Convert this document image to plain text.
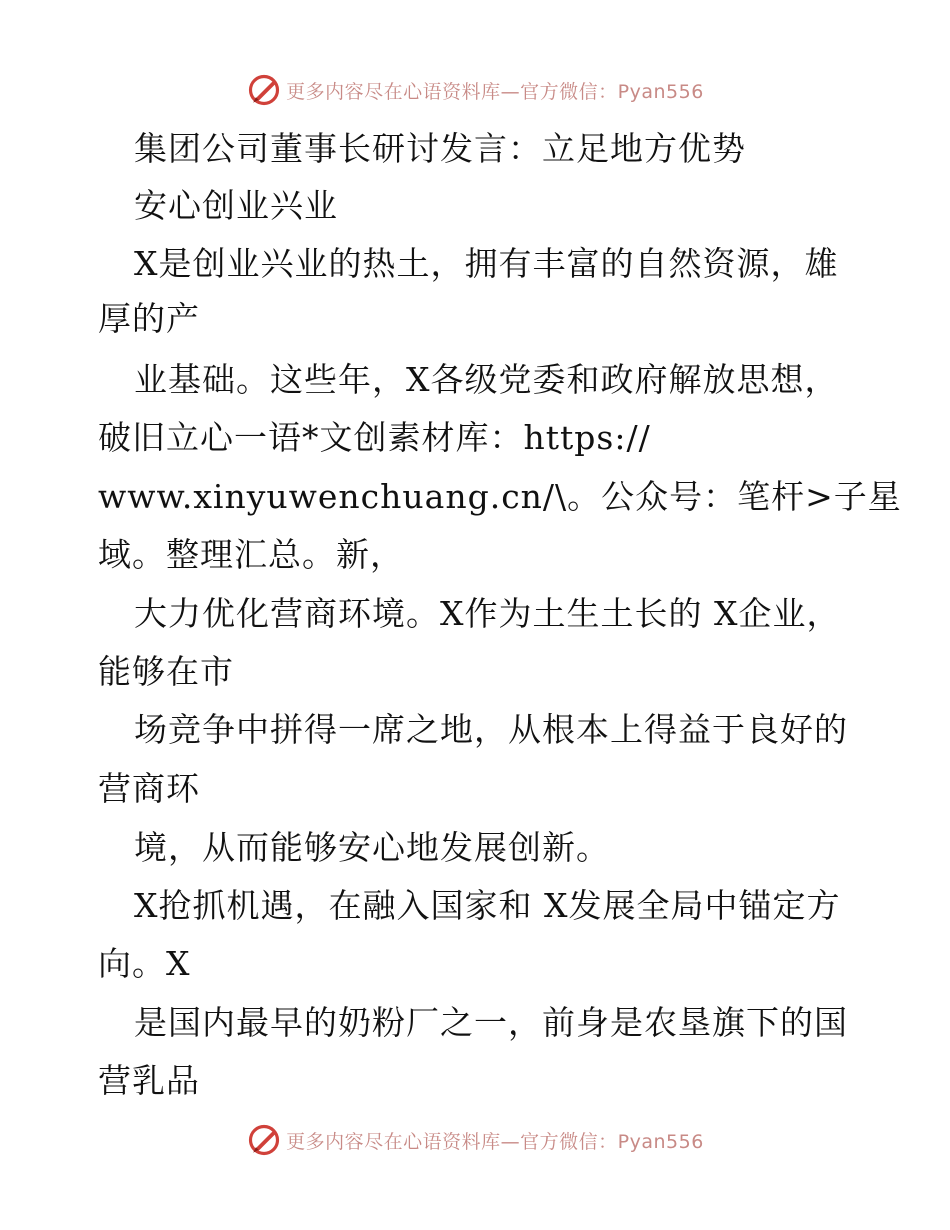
更多内容尽在心语资料库—官方微信：Pyan556
集团公司董事长研讨发言：立足地方优势
安心创业兴业
X是创业兴业的热土，拥有丰富的自然资源，雄
厚的产
业基础。这些年，X各级党委和政府解放思想，
破旧立心一语*文创素材库：https://
www.xinyuwenchuang.cn/\。公众号：笔杆>子星
域。整理汇总。新，
大力优化营商环境。X作为土生土长的 X企业，
能够在市
场竞争中拼得一席之地，从根本上得益于良好的
营商环
境，从而能够安心地发展创新。
X抢抓机遇，在融入国家和 X发展全局中锚定方
向。X
是国内最早的奶粉厂之一，前身是农垦旗下的国
营乳品
更多内容尽在心语资料库—官方微信：Pyan556
